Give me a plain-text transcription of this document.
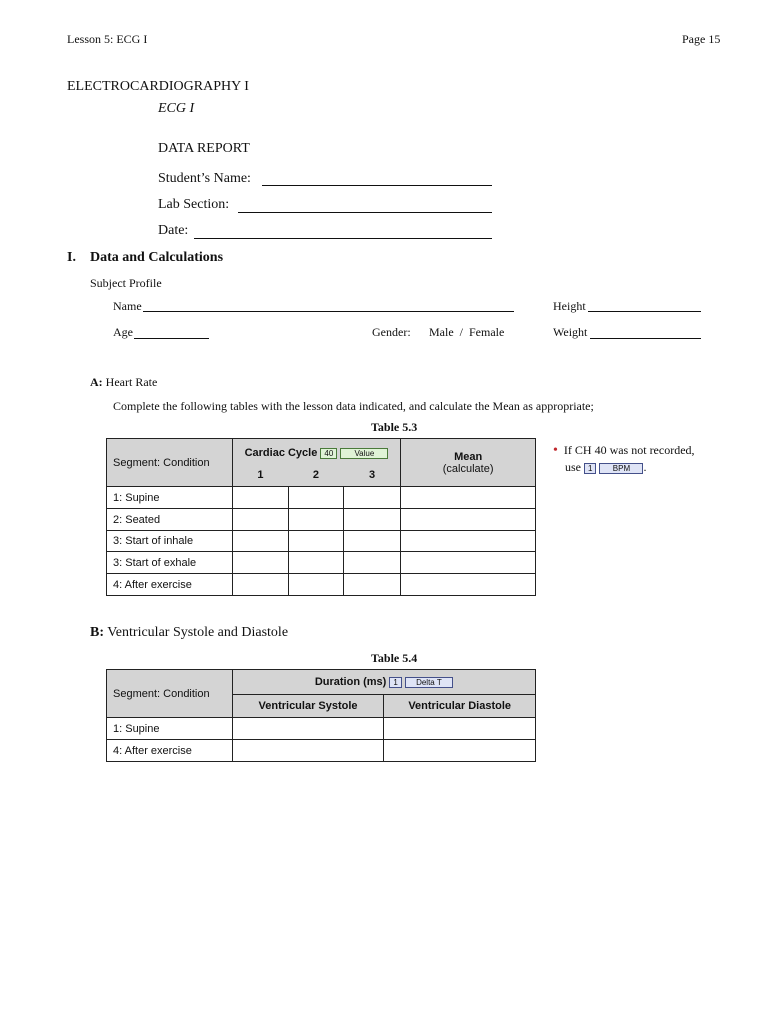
Lesson 5: ECG I	Page 15
ELECTROCARDIOGRAPHY I
ECG I
DATA REPORT
Student’s Name:
Lab Section:
Date:
I. Data and Calculations
Subject Profile
Name	Height
Age	Gender: Male  /  Female	Weight
A: Heart Rate
Complete the following tables with the lesson data indicated, and calculate the Mean as appropriate;
Table 5.3
Segment: Condition	Cardiac Cycle 40 Value			Mean
(calculate)

	1	2	3	
1: Supine				
2: Seated				
3: Start of inhale				
3: Start of exhale				
4: After exercise				
• If CH 40 was not recorded,
use 1	BPM .
B: Ventricular Systole and Diastole
Table 5.4
Segment: Condition	Duration (ms) 1 Delta T	
	Ventricular Systole	Ventricular Diastole
1: Supine		
4: After exercise		
